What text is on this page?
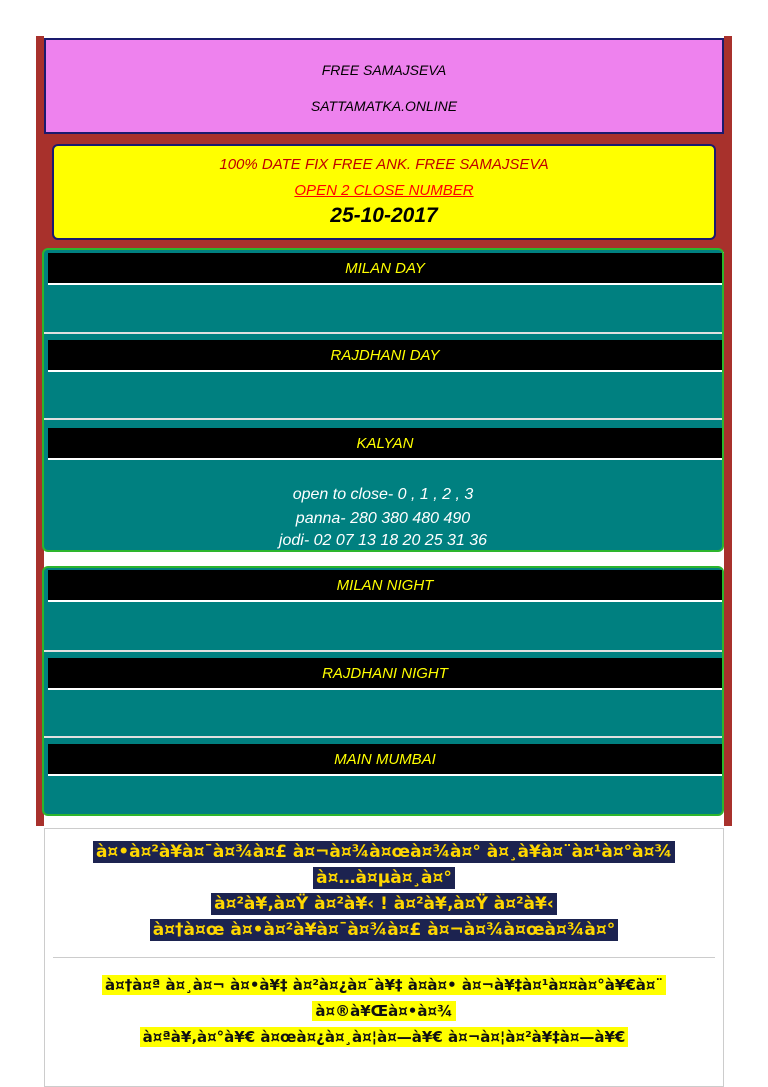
FREE SAMAJSEVA
SATTAMATKA.ONLINE
100% DATE FIX FREE ANK. FREE SAMAJSEVA
OPEN 2 CLOSE NUMBER
25-10-2017
MILAN DAY
RAJDHANI DAY
KALYAN
open to close- 0 , 1 , 2 , 3
panna- 280 380 480 490
jodi- 02 07 13 18 20 25 31 36
MILAN NIGHT
RAJDHANI NIGHT
MAIN MUMBAI
à¤•à¤²à¥à¤¯à¤¾à¤£ à¤¬à¤¾à¤œà¤¾à¤° à¤¸à¥à¤¨à¤¹à¤°à¤¾
à¤…à¤µà¤¸à¤°
à¤²à¥‚à¤Ÿ à¤²à¥‹ ! à¤²à¥‚à¤Ÿ à¤²à¥‹
à¤†à¤œ à¤•à¤²à¥à¤¯à¤¾à¤£ à¤¬à¤¾à¤œà¤¾à¤°
à¤†à¤ª à¤¸à¤¬ à¤•à¥‡ à¤²à¤¿à¤¯à¥‡ à¤à¤• à¤¬à¥‡à¤¹à¤¤à¤°à¥€à¤¨
à¤®à¥Œà¤•à¤¾
à¤ªà¥‚à¤°à¥€ à¤œà¤¿à¤¸à¤¦à¤—à¥€ à¤¬à¤¦à¤²à¥‡à¤—à¥€
